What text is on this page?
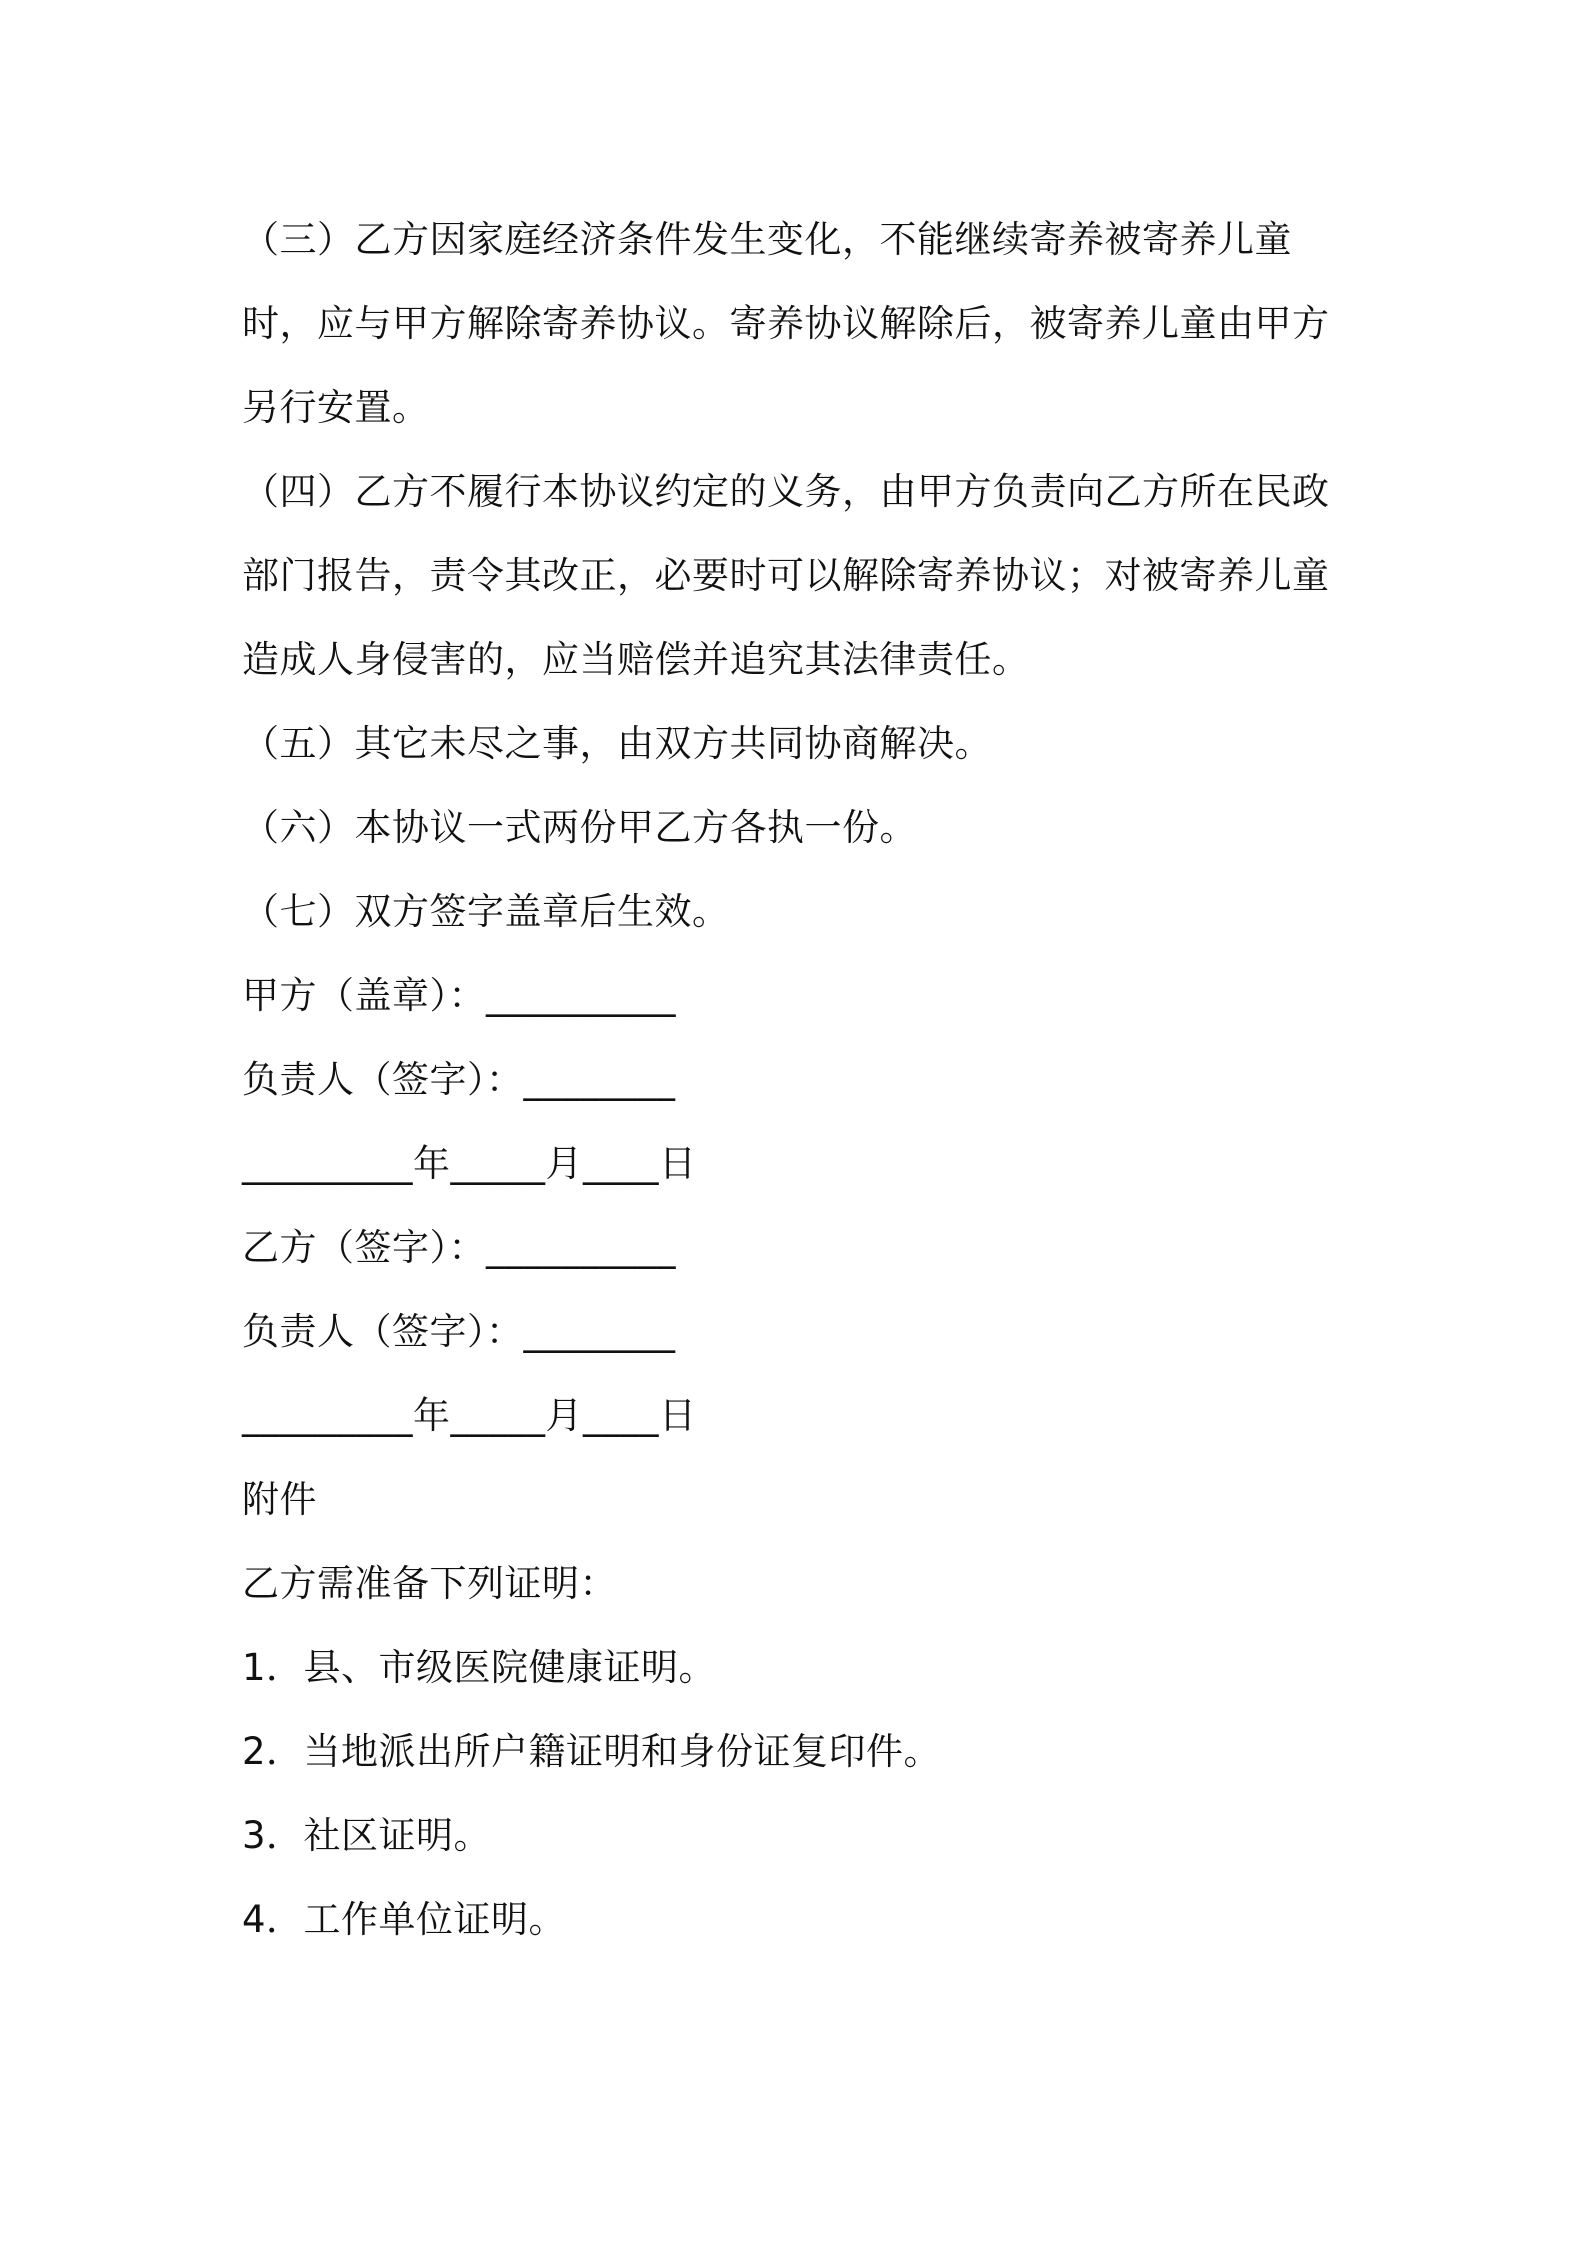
（三）乙方因家庭经济条件发生变化，不能继续寄养被寄养儿童时，应与甲方解除寄养协议。寄养协议解除后，被寄养儿童由甲方另行安置。

（四）乙方不履行本协议约定的义务，由甲方负责向乙方所在民政部门报告，责令其改正，必要时可以解除寄养协议；对被寄养儿童造成人身侵害的，应当赔偿并追究其法律责任。

（五）其它未尽之事，由双方共同协商解决。

（六）本协议一式两份甲乙方各执一份。

（七）双方签字盖章后生效。

甲方（盖章）：__________

负责人（签字）：________

_________年_____月____日

乙方（签字）：__________

负责人（签字）：________

_________年_____月____日

附件

乙方需准备下列证明：

1．县、市级医院健康证明。

2．当地派出所户籍证明和身份证复印件。

3．社区证明。

4．工作单位证明。
